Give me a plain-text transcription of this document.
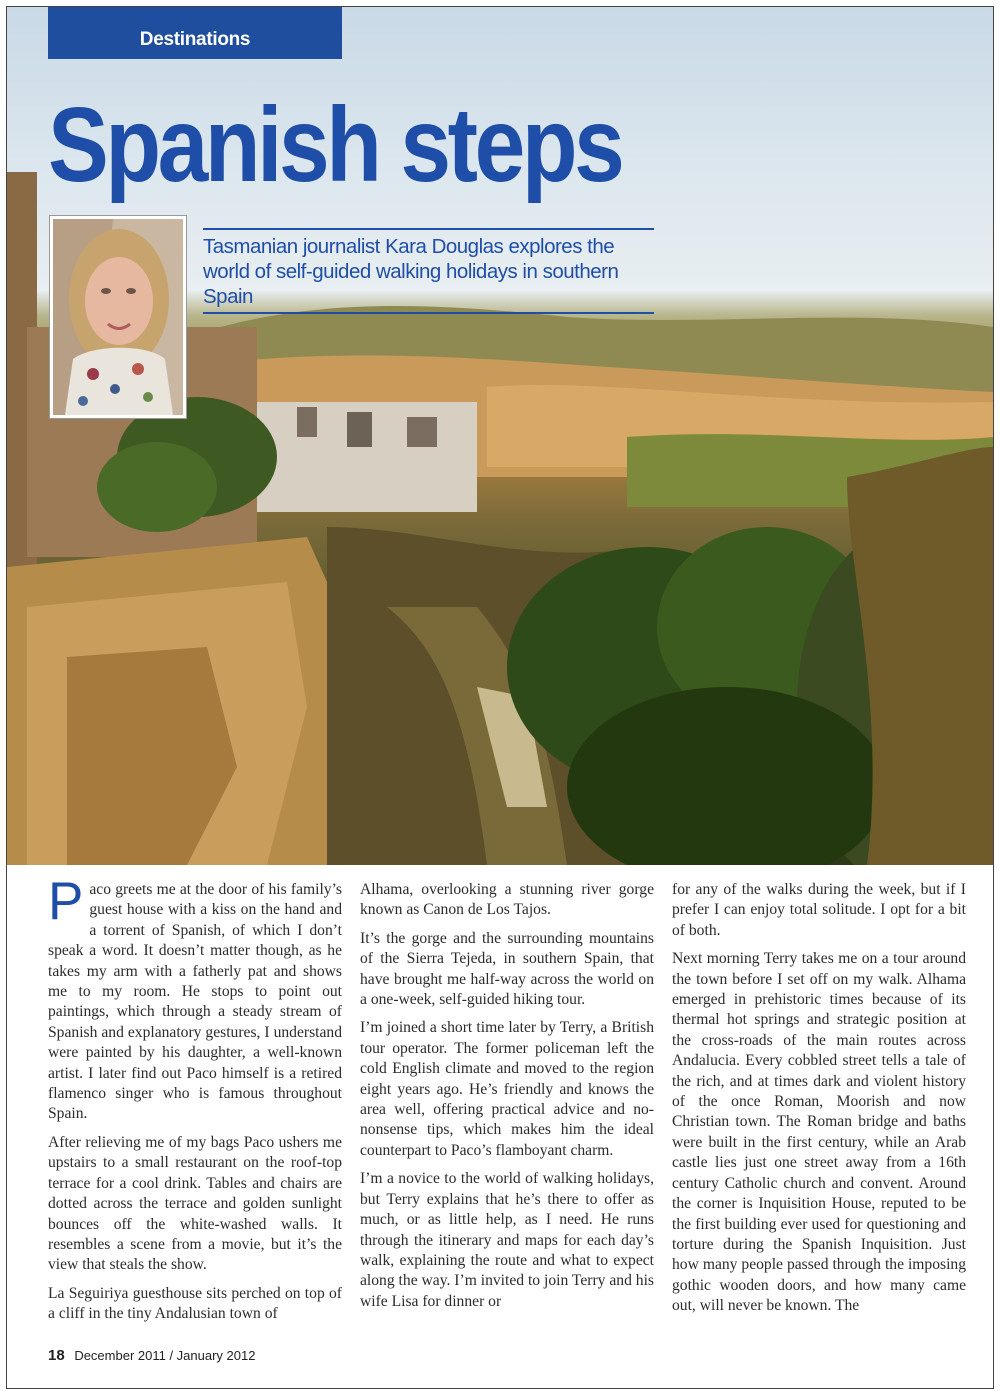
Destinations
Spanish steps
Tasmanian journalist Kara Douglas explores the world of self-guided walking holidays in southern Spain

Paco greets me at the door of his family’s guest house with a kiss on the hand and a torrent of Spanish, of which I don’t speak a word. It doesn’t matter though, as he takes my arm with a fatherly pat and shows me to my room. He stops to point out paintings, which through a steady stream of Spanish and explanatory gestures, I understand were painted by his daughter, a well-known artist. I later find out Paco himself is a retired flamenco singer who is famous throughout Spain.

After relieving me of my bags Paco ushers me upstairs to a small restaurant on the roof-top terrace for a cool drink. Tables and chairs are dotted across the terrace and golden sunlight bounces off the white-washed walls. It resembles a scene from a movie, but it’s the view that steals the show.

La Seguiriya guesthouse sits perched on top of a cliff in the tiny Andalusian town of

Alhama, overlooking a stunning river gorge known as Canon de Los Tajos.

It’s the gorge and the surrounding mountains of the Sierra Tejeda, in southern Spain, that have brought me half-way across the world on a one-week, self-guided hiking tour.

I’m joined a short time later by Terry, a British tour operator. The former policeman left the cold English climate and moved to the region eight years ago. He’s friendly and knows the area well, offering practical advice and no-nonsense tips, which makes him the ideal counterpart to Paco’s flamboyant charm.

I’m a novice to the world of walking holidays, but Terry explains that he’s there to offer as much, or as little help, as I need. He runs through the itinerary and maps for each day’s walk, explaining the route and what to expect along the way. I’m invited to join Terry and his wife Lisa for dinner or

for any of the walks during the week, but if I prefer I can enjoy total solitude. I opt for a bit of both.

Next morning Terry takes me on a tour around the town before I set off on my walk. Alhama emerged in prehistoric times because of its thermal hot springs and strategic position at the cross-roads of the main routes across Andalucia. Every cobbled street tells a tale of the rich, and at times dark and violent history of the once Roman, Moorish and now Christian town. The Roman bridge and baths were built in the first century, while an Arab castle lies just one street away from a 16th century Catholic church and convent. Around the corner is Inquisition House, reputed to be the first building ever used for questioning and torture during the Spanish Inquisition. Just how many people passed through the imposing gothic wooden doors, and how many came out, will never be known. The

18 December 2011 / January 2012
